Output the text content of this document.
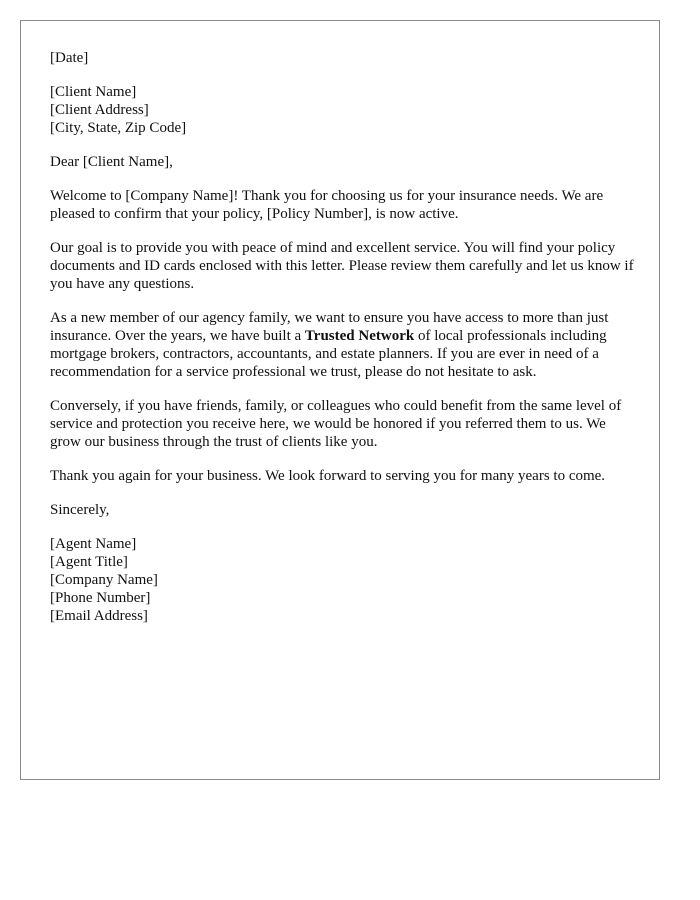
[Date]

[Client Name]
[Client Address]
[City, State, Zip Code]

Dear [Client Name],

Welcome to [Company Name]! Thank you for choosing us for your insurance needs. We are pleased to confirm that your policy, [Policy Number], is now active.

Our goal is to provide you with peace of mind and excellent service. You will find your policy documents and ID cards enclosed with this letter. Please review them carefully and let us know if you have any questions.

As a new member of our agency family, we want to ensure you have access to more than just insurance. Over the years, we have built a Trusted Network of local professionals including mortgage brokers, contractors, accountants, and estate planners. If you are ever in need of a recommendation for a service professional we trust, please do not hesitate to ask.

Conversely, if you have friends, family, or colleagues who could benefit from the same level of service and protection you receive here, we would be honored if you referred them to us. We grow our business through the trust of clients like you.

Thank you again for your business. We look forward to serving you for many years to come.

Sincerely,

[Agent Name]
[Agent Title]
[Company Name]
[Phone Number]
[Email Address]
